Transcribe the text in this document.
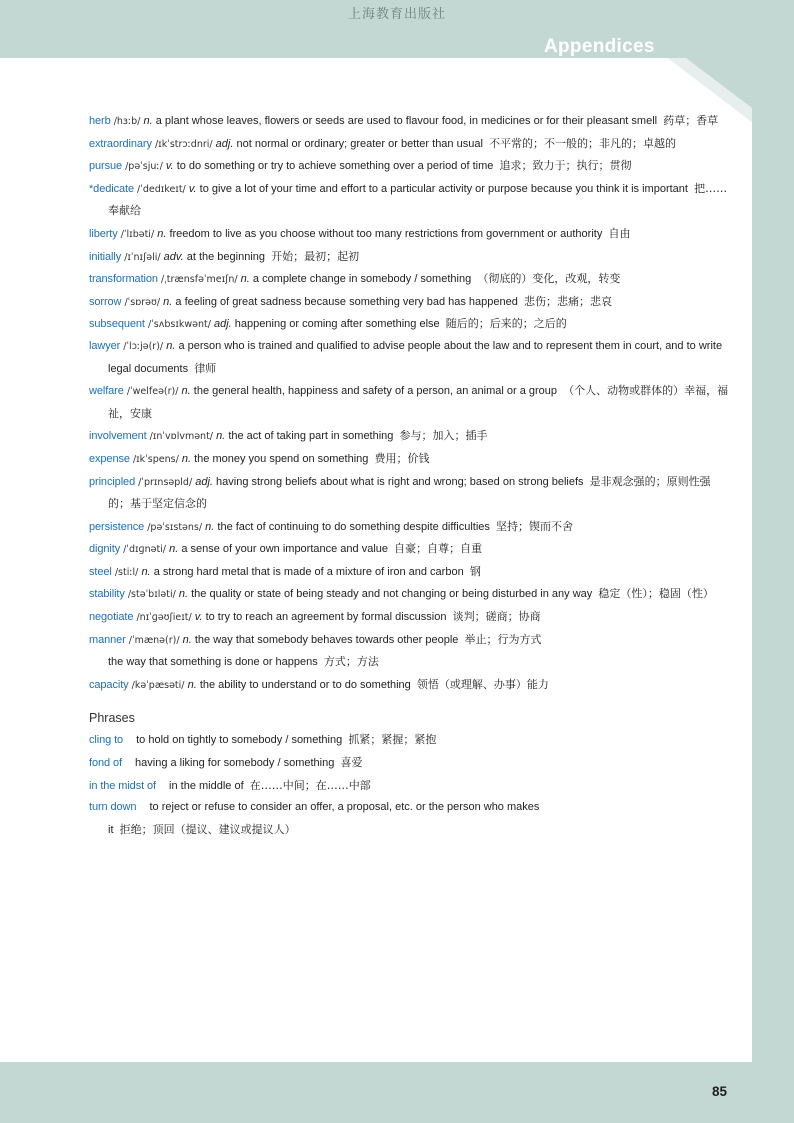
上海教育出版社
Appendices
herb /hɜːb/ n. a plant whose leaves, flowers or seeds are used to flavour food, in medicines or for their pleasant smell 药草；香草
extraordinary /ɪkˈstrɔːdnri/ adj. not normal or ordinary; greater or better than usual 不平常的；不一般的；非凡的；卓越的
pursue /pəˈsjuː/ v. to do something or try to achieve something over a period of time 追求；致力于；执行；贯彻
*dedicate /ˈdedɪkeɪt/ v. to give a lot of your time and effort to a particular activity or purpose because you think it is important 把……奉献给
liberty /ˈlɪbəti/ n. freedom to live as you choose without too many restrictions from government or authority 自由
initially /ɪˈnɪʃəli/ adv. at the beginning 开始；最初；起初
transformation /ˌtrænsfəˈmeɪʃn/ n. a complete change in somebody / something （彻底的）变化，改观，转变
sorrow /ˈsɒrəʊ/ n. a feeling of great sadness because something very bad has happened 悲伤；悲痛；悲哀
subsequent /ˈsʌbsɪkwənt/ adj. happening or coming after something else 随后的；后来的；之后的
lawyer /ˈlɔːjə(r)/ n. a person who is trained and qualified to advise people about the law and to represent them in court, and to write legal documents 律师
welfare /ˈwelfeə(r)/ n. the general health, happiness and safety of a person, an animal or a group （个人、动物或群体的）幸福，福祉，安康
involvement /ɪnˈvɒlvmənt/ n. the act of taking part in something 参与；加入；插手
expense /ɪkˈspens/ n. the money you spend on something 费用；价钱
principled /ˈprɪnsəpld/ adj. having strong beliefs about what is right and wrong; based on strong beliefs 是非观念强的；原则性强的；基于坚定信念的
persistence /pəˈsɪstəns/ n. the fact of continuing to do something despite difficulties 坚持；锲而不舍
dignity /ˈdɪɡnəti/ n. a sense of your own importance and value 自豪；自尊；自重
steel /stiːl/ n. a strong hard metal that is made of a mixture of iron and carbon 钢
stability /stəˈbɪləti/ n. the quality or state of being steady and not changing or being disturbed in any way 稳定（性）；稳固（性）
negotiate /nɪˈɡəʊʃieɪt/ v. to try to reach an agreement by formal discussion 谈判；磋商；协商
manner /ˈmænə(r)/ n. the way that somebody behaves towards other people 举止；行为方式
the way that something is done or happens 方式；方法
capacity /kəˈpæsəti/ n. the ability to understand or to do something 领悟（或理解、办事）能力
Phrases
cling to to hold on tightly to somebody / something 抓紧；紧握；紧抱
fond of having a liking for somebody / something 喜爱
in the midst of in the middle of 在……中间；在……中部
turn down to reject or refuse to consider an offer, a proposal, etc. or the person who makes it 拒绝；顶回（提议、建议或提议人）
85
